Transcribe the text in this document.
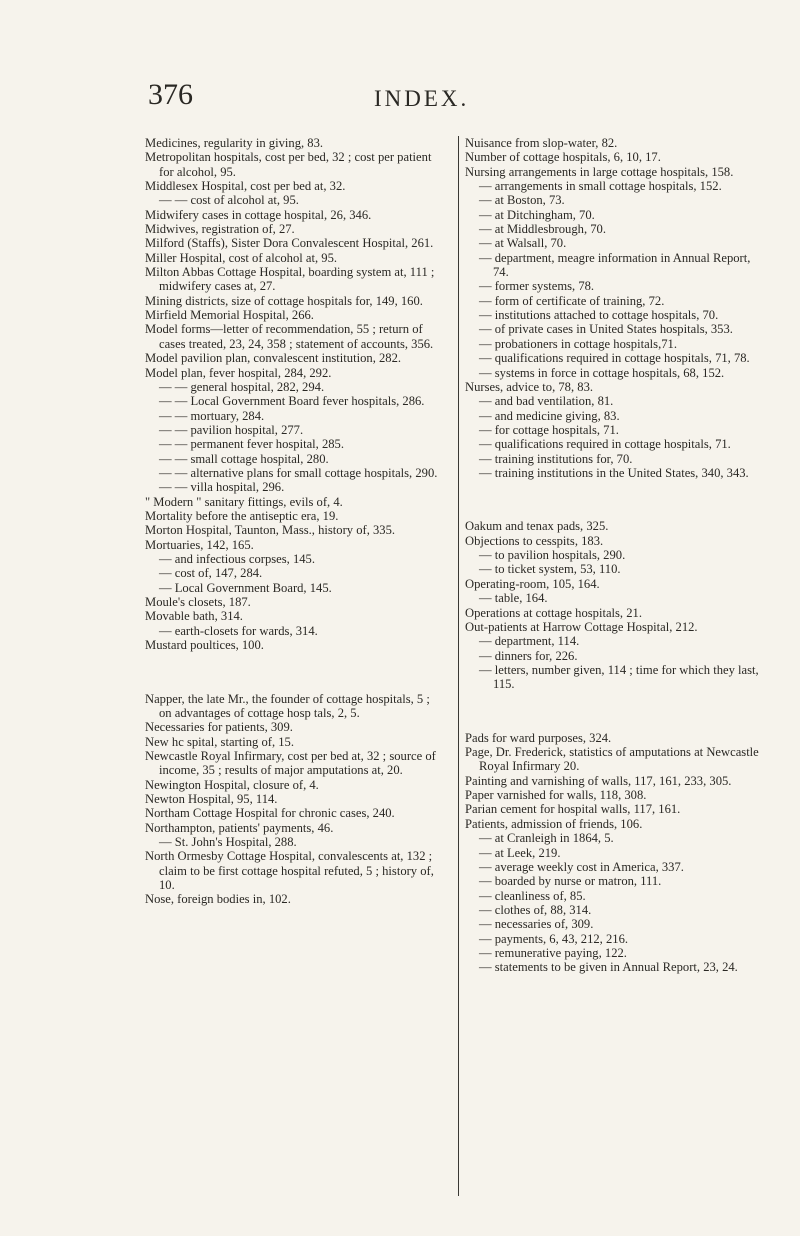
376	INDEX.

Medicines, regularity in giving, 83.

Metropolitan hospitals, cost per bed, 32 ; cost per patient for alcohol, 95.

Middlesex Hospital, cost per bed at, 32.

— — cost of alcohol at, 95.

Midwifery cases in cottage hospital, 26, 346.

Midwives, registration of, 27.

Milford (Staffs), Sister Dora Convalescent Hospital, 261.

Miller Hospital, cost of alcohol at, 95.

Milton Abbas Cottage Hospital, boarding system at, 111 ; midwifery cases at, 27.

Mining districts, size of cottage hospitals for, 149, 160.

Mirfield Memorial Hospital, 266.

Model forms—letter of recommendation, 55 ; return of cases treated, 23, 24, 358 ; statement of accounts, 356.

Model pavilion plan, convalescent institution, 282.

Model plan, fever hospital, 284, 292.

— — general hospital, 282, 294.

— — Local Government Board fever hospitals, 286.

— — mortuary, 284.

— — pavilion hospital, 277.

— — permanent fever hospital, 285.

— — small cottage hospital, 280.

— — alternative plans for small cottage hospitals, 290.

— — villa hospital, 296.

" Modern " sanitary fittings, evils of, 4.

Mortality before the antiseptic era, 19.

Morton Hospital, Taunton, Mass., history of, 335.

Mortuaries, 142, 165.

— and infectious corpses, 145.

— cost of, 147, 284.

— Local Government Board, 145.

Moule's closets, 187.

Movable bath, 314.

— earth-closets for wards, 314.

Mustard poultices, 100.

Napper, the late Mr., the founder of cottage hospitals, 5 ; on advantages of cottage hosp tals, 2, 5.

Necessaries for patients, 309.

New hc spital, starting of, 15.

Newcastle Royal Infirmary, cost per bed at, 32 ; source of income, 35 ; results of major amputations at, 20.

Newington Hospital, closure of, 4.

Newton Hospital, 95, 114.

Northam Cottage Hospital for chronic cases, 240.

Northampton, patients' payments, 46.

— St. John's Hospital, 288.

North Ormesby Cottage Hospital, convalescents at, 132 ; claim to be first cottage hospital refuted, 5 ; history of, 10.

Nose, foreign bodies in, 102.

Nuisance from slop-water, 82.

Number of cottage hospitals, 6, 10, 17.

Nursing arrangements in large cottage hospitals, 158.

— arrangements in small cottage hospitals, 152.

— at Boston, 73.

— at Ditchingham, 70.

— at Middlesbrough, 70.

— at Walsall, 70.

— department, meagre information in Annual Report, 74.

— former systems, 78.

— form of certificate of training, 72.

— institutions attached to cottage hospitals, 70.

— of private cases in United States hospitals, 353.

— probationers in cottage hospitals,71.

— qualifications required in cottage hospitals, 71, 78.

— systems in force in cottage hospitals, 68, 152.

Nurses, advice to, 78, 83.

— and bad ventilation, 81.

— and medicine giving, 83.

— for cottage hospitals, 71.

— qualifications required in cottage hospitals, 71.

— training institutions for, 70.

— training institutions in the United States, 340, 343.

Oakum and tenax pads, 325.

Objections to cesspits, 183.

— to pavilion hospitals, 290.

— to ticket system, 53, 110.

Operating-room, 105, 164.

— table, 164.

Operations at cottage hospitals, 21.

Out-patients at Harrow Cottage Hospital, 212.

— department, 114.

— dinners for, 226.

— letters, number given, 114 ; time for which they last, 115.

Pads for ward purposes, 324.

Page, Dr. Frederick, statistics of amputations at Newcastle Royal Infirmary 20.

Painting and varnishing of walls, 117, 161, 233, 305.

Paper varnished for walls, 118, 308.

Parian cement for hospital walls, 117, 161.

Patients, admission of friends, 106.

— at Cranleigh in 1864, 5.

— at Leek, 219.

— average weekly cost in America, 337.

— boarded by nurse or matron, 111.

— cleanliness of, 85.

— clothes of, 88, 314.

— necessaries of, 309.

— payments, 6, 43, 212, 216.

— remunerative paying, 122.

— statements to be given in Annual Report, 23, 24.
